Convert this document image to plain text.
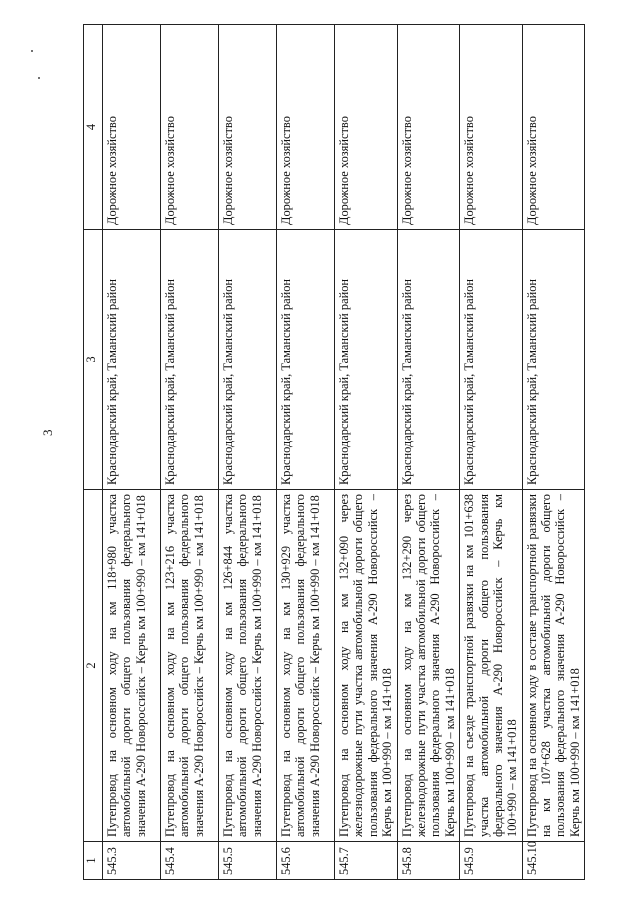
3
1	2	3	4
545.3	Путепровод на основном ходу на км 118+980 участка автомобильной дороги общего пользования федерального значения А-290 Новороссийск – Керчь км 100+990 – км 141+018	Краснодарский край, Таманский район	Дорожное хозяйство
545.4	Путепровод на основном ходу на км 123+216 участка автомобильной дороги общего пользования федерального значения А-290 Новороссийск – Керчь км 100+990 – км 141+018	Краснодарский край, Таманский район	Дорожное хозяйство
545.5	Путепровод на основном ходу на км 126+844 участка автомобильной дороги общего пользования федерального значения А-290 Новороссийск – Керчь км 100+990 – км 141+018	Краснодарский край, Таманский район	Дорожное хозяйство
545.6	Путепровод на основном ходу на км 130+929 участка автомобильной дороги общего пользования федерального значения А-290 Новороссийск – Керчь км 100+990 – км 141+018	Краснодарский край, Таманский район	Дорожное хозяйство
545.7	Путепровод на основном ходу на км 132+090 через железнодорожные пути участка автомобильной дороги общего пользования федерального значения А-290 Новороссийск – Керчь км 100+990 – км 141+018	Краснодарский край, Таманский район	Дорожное хозяйство
545.8	Путепровод на основном ходу на км 132+290 через железнодорожные пути участка автомобильной дороги общего пользования федерального значения А-290 Новороссийск – Керчь км 100+990 – км 141+018	Краснодарский край, Таманский район	Дорожное хозяйство
545.9	Путепровод на съезде транспортной развязки на км 101+638 участка автомобильной дороги общего пользования федерального значения А-290 Новороссийск – Керчь км 100+990 – км 141+018	Краснодарский край, Таманский район	Дорожное хозяйство
545.10	Путепровод на основном ходу в составе транспортной развязки на км 107+628 участка автомобильной дороги общего пользования федерального значения А-290 Новороссийск – Керчь км 100+990 – км 141+018	Краснодарский край, Таманский район	Дорожное хозяйство
